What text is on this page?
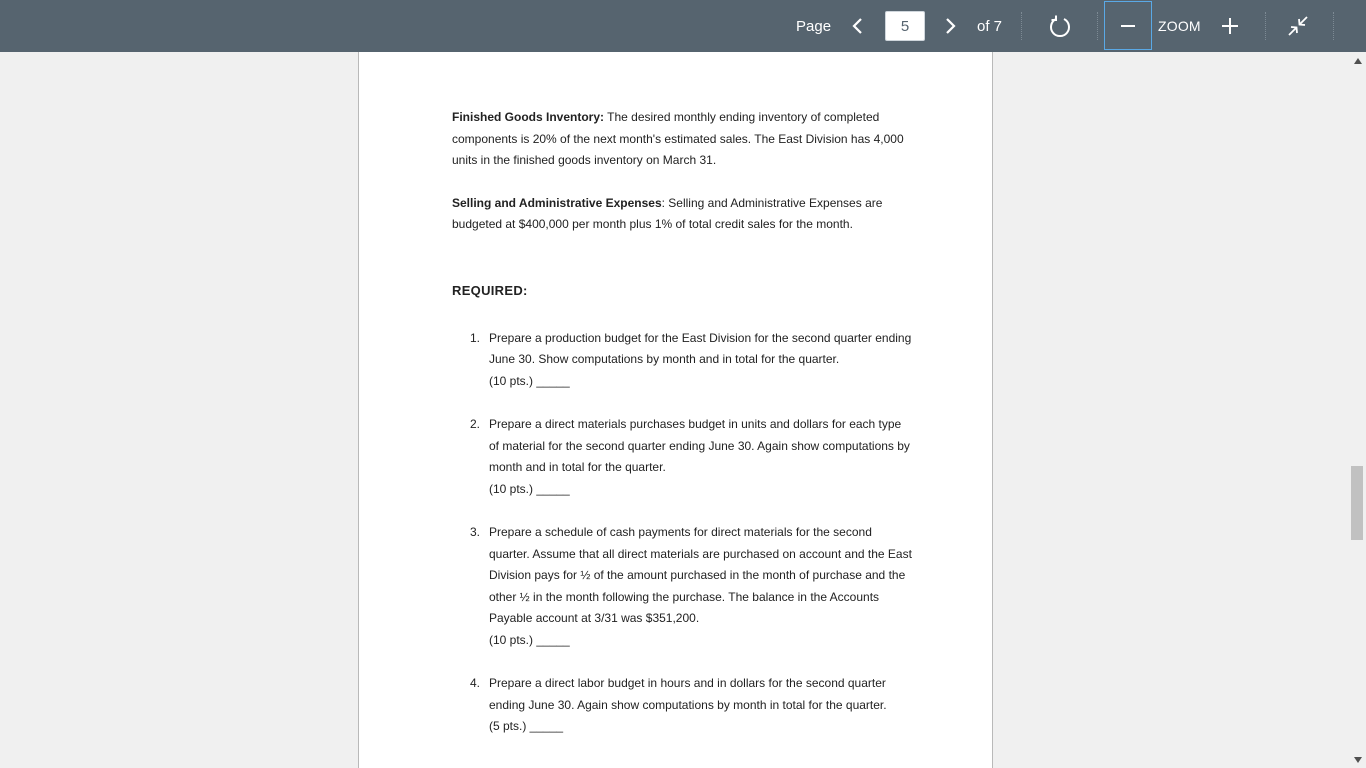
Page
5	of 7	ZOOM

Finished Goods Inventory: The desired monthly ending inventory of completed components is 20% of the next month's estimated sales. The East Division has 4,000 units in the finished goods inventory on March 31.

Selling and Administrative Expenses: Selling and Administrative Expenses are budgeted at $400,000 per month plus 1% of total credit sales for the month.

REQUIRED:

1. Prepare a production budget for the East Division for the second quarter ending June 30. Show computations by month and in total for the quarter.
(10 pts.) _____
2. Prepare a direct materials purchases budget in units and dollars for each type of material for the second quarter ending June 30. Again show computations by month and in total for the quarter.
(10 pts.) _____
3. Prepare a schedule of cash payments for direct materials for the second quarter. Assume that all direct materials are purchased on account and the East Division pays for ½ of the amount purchased in the month of purchase and the other ½ in the month following the purchase. The balance in the Accounts Payable account at 3/31 was $351,200.
(10 pts.) _____
4. Prepare a direct labor budget in hours and in dollars for the second quarter ending June 30. Again show computations by month in total for the quarter.
(5 pts.) _____
